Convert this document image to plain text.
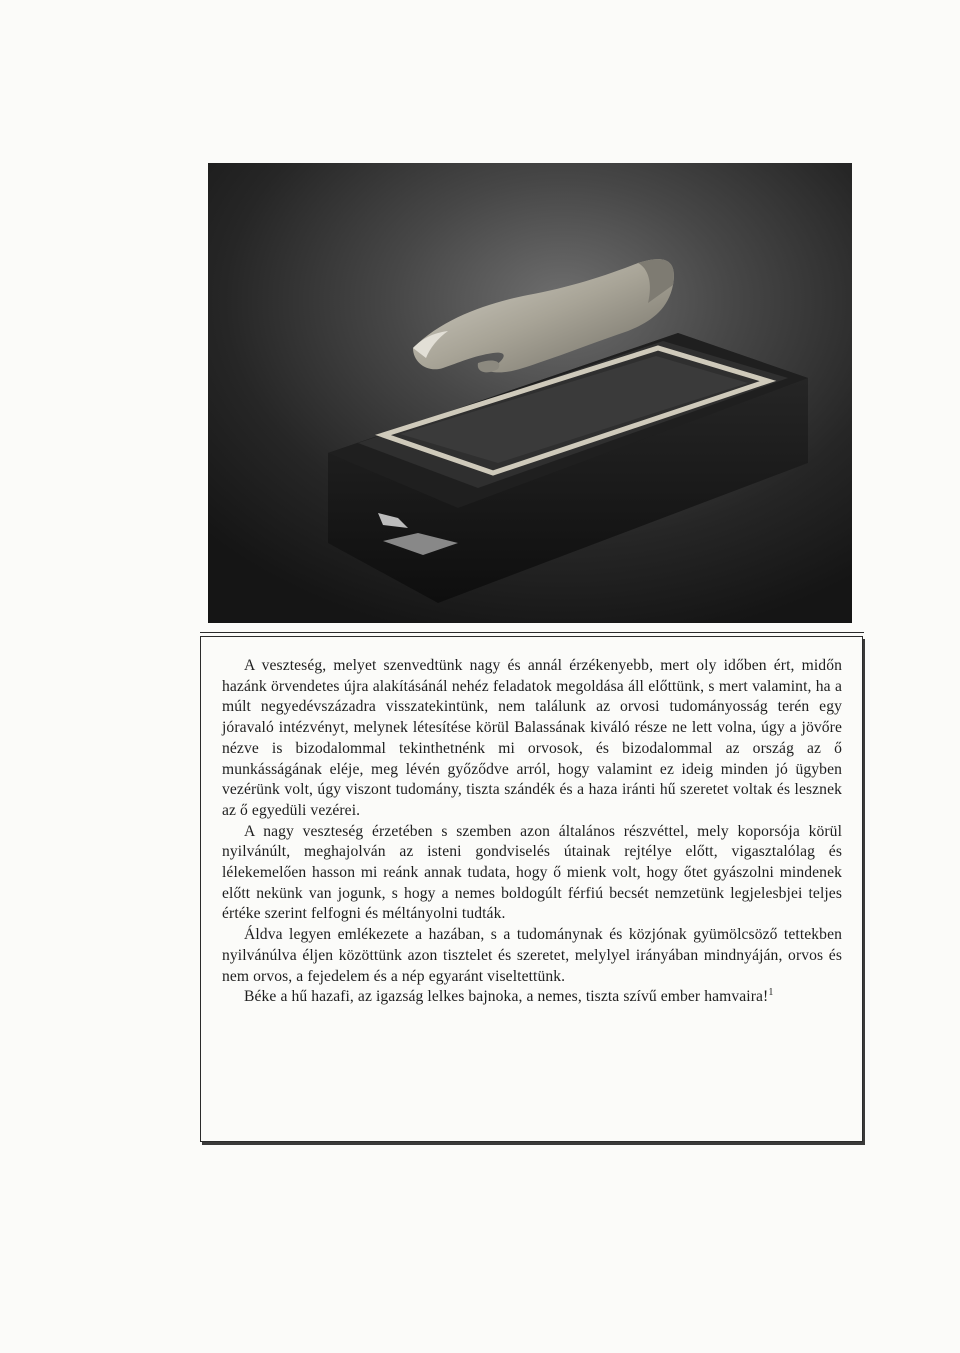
A veszteség, melyet szenvedtünk nagy és annál érzékenyebb, mert oly időben ért, midőn hazánk örvendetes újra alakításánál nehéz feladatok megoldása áll előttünk, s mert valamint, ha a múlt negyedévszázadra visszatekintünk, nem találunk az orvosi tudományosság terén egy jóravaló intézvényt, melynek létesítése körül Balassának kiváló része ne lett volna, úgy a jövőre nézve is bizodalommal tekinthetnénk mi orvosok, és bizodalommal az ország az ő munkásságának eléje, meg lévén győződve arról, hogy valamint ez ideig minden jó ügyben vezérünk volt, úgy viszont tudomány, tiszta szándék és a haza iránti hű szeretet voltak és lesznek az ő egyedüli vezérei.

A nagy veszteség érzetében s szemben azon általános részvéttel, mely koporsója körül nyilvánúlt, meghajolván az isteni gondviselés útainak rejtélye előtt, vigasztalólag és lélekemelően hasson mi reánk annak tudata, hogy ő mienk volt, hogy őtet gyászolni mindenek előtt nekünk van jogunk, s hogy a nemes boldogúlt férfiú becsét nemzetünk legjelesbjei teljes értéke szerint felfogni és méltányolni tudták.

Áldva legyen emlékezete a hazában, s a tudománynak és közjónak gyümölcsöző tettekben nyilvánúlva éljen közöttünk azon tisztelet és szeretet, melylyel irányában mindnyáján, orvos és nem orvos, a fejedelem és a nép egyaránt viseltettünk.

Béke a hű hazafi, az igazság lelkes bajnoka, a nemes, tiszta szívű ember hamvaira!$^1$
